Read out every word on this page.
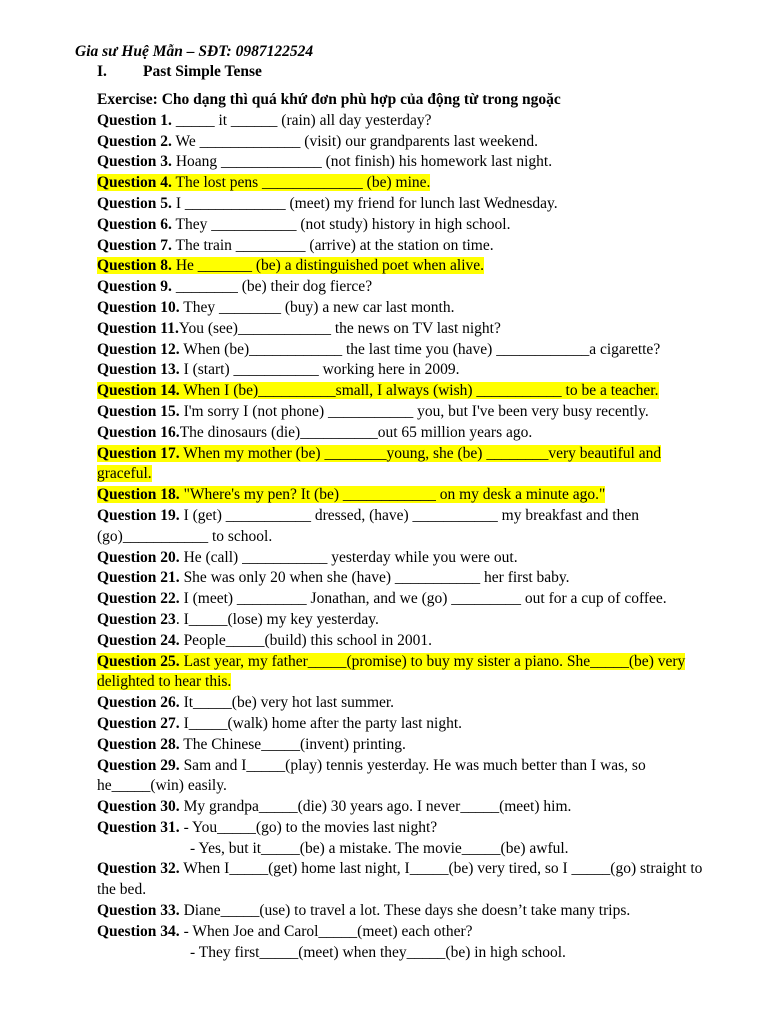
Gia sư Huệ Mẫn – SĐT: 0987122524
I. Past Simple Tense
Exercise: Cho dạng thì quá khứ đơn phù hợp của động từ trong ngoặc
Question 1. _____ it ______ (rain) all day yesterday?
Question 2. We _____________ (visit) our grandparents last weekend.
Question 3. Hoang _____________ (not finish) his homework last night.
Question 4. The lost pens _____________ (be) mine.
Question 5. I _____________ (meet) my friend for lunch last Wednesday.
Question 6. They ___________ (not study) history in high school.
Question 7. The train _________ (arrive) at the station on time.
Question 8. He _______ (be) a distinguished poet when alive.
Question 9. ________ (be) their dog fierce?
Question 10. They ________ (buy) a new car last month.
Question 11.You (see)____________ the news on TV last night?
Question 12. When (be)____________ the last time you (have) ____________a cigarette?
Question 13. I (start) ___________ working here in 2009.
Question 14. When I (be)__________small, I always (wish) ___________ to be a teacher.
Question 15. I'm sorry I (not phone) ___________ you, but I've been very busy recently.
Question 16.The dinosaurs (die)__________out 65 million years ago.
Question 17. When my mother (be) ________young, she (be) ________very beautiful and graceful.
Question 18. "Where's my pen? It (be) ____________ on my desk a minute ago."
Question 19. I (get) ___________ dressed, (have) ___________ my breakfast and then (go)___________ to school.
Question 20. He (call) ___________ yesterday while you were out.
Question 21. She was only 20 when she (have) ___________ her first baby.
Question 22. I (meet) _________ Jonathan, and we (go) _________ out for a cup of coffee.
Question 23. I_____(lose) my key yesterday.
Question 24. People_____(build) this school in 2001.
Question 25. Last year, my father_____(promise) to buy my sister a piano. She_____(be) very delighted to hear this.
Question 26. It_____(be) very hot last summer.
Question 27. I_____(walk) home after the party last night.
Question 28. The Chinese_____(invent) printing.
Question 29. Sam and I_____(play) tennis yesterday. He was much better than I was, so he_____(win) easily.
Question 30. My grandpa_____(die) 30 years ago. I never_____(meet) him.
Question 31. - You_____(go) to the movies last night?
- Yes, but it_____(be) a mistake. The movie_____(be) awful.
Question 32. When I_____(get) home last night, I_____(be) very tired, so I _____(go) straight to the bed.
Question 33. Diane_____(use) to travel a lot. These days she doesn’t take many trips.
Question 34. - When Joe and Carol_____(meet) each other?
- They first_____(meet) when they_____(be) in high school.
